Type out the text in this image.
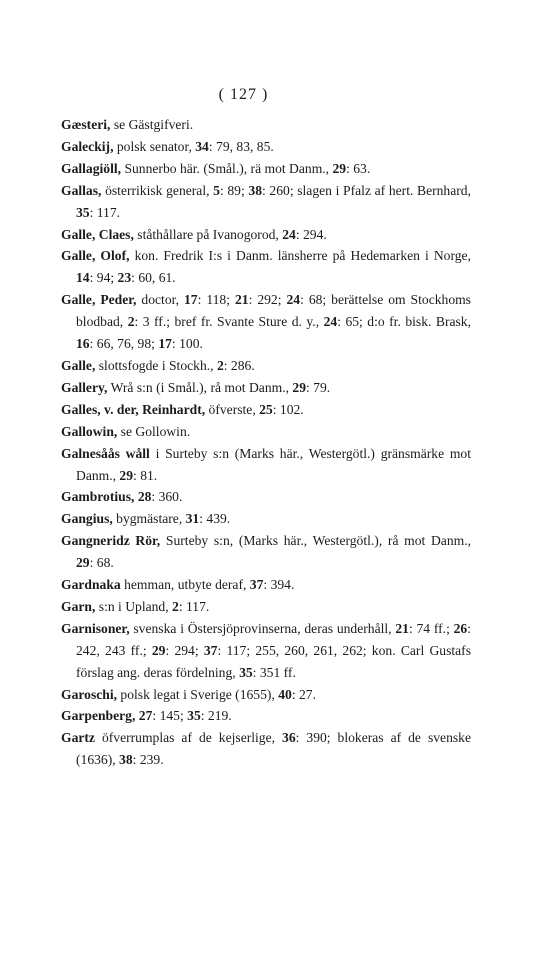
( 127 )

Gæsteri, se Gästgifveri.

Galeckij, polsk senator, 34: 79, 83, 85.

Gallagiöll, Sunnerbo här. (Smål.), rä mot Danm., 29: 63.

Gallas, österrikisk general, 5: 89; 38: 260; slagen i Pfalz af hert. Bernhard, 35: 117.

Galle, Claes, ståthållare på Ivanogorod, 24: 294.

Galle, Olof, kon. Fredrik I:s i Danm. länsherre på Hedemarken i Norge, 14: 94; 23: 60, 61.

Galle, Peder, doctor, 17: 118; 21: 292; 24: 68; berättelse om Stockhoms blodbad, 2: 3 ff.; bref fr. Svante Sture d. y., 24: 65; d:o fr. bisk. Brask, 16: 66, 76, 98; 17: 100.

Galle, slottsfogde i Stockh., 2: 286.

Gallery, Wrå s:n (i Smål.), rå mot Danm., 29: 79.

Galles, v. der, Reinhardt, öfverste, 25: 102.

Gallowin, se Gollowin.

Galnesåås wåll i Surteby s:n (Marks här., Westergötl.) gränsmärke mot Danm., 29: 81.

Gambrotius, 28: 360.

Gangius, bygmästare, 31: 439.

Gangneridz Rör, Surteby s:n, (Marks här., Westergötl.), rå mot Danm., 29: 68.

Gardnaka hemman, utbyte deraf, 37: 394.

Garn, s:n i Upland, 2: 117.

Garnisoner, svenska i Östersjöprovinserna, deras underhåll, 21: 74 ff.; 26: 242, 243 ff.; 29: 294; 37: 117; 255, 260, 261, 262; kon. Carl Gustafs förslag ang. deras fördelning, 35: 351 ff.

Garoschi, polsk legat i Sverige (1655), 40: 27.

Garpenberg, 27: 145; 35: 219.

Gartz öfverrumplas af de kejserlige, 36: 390; blokeras af de svenske (1636), 38: 239.
